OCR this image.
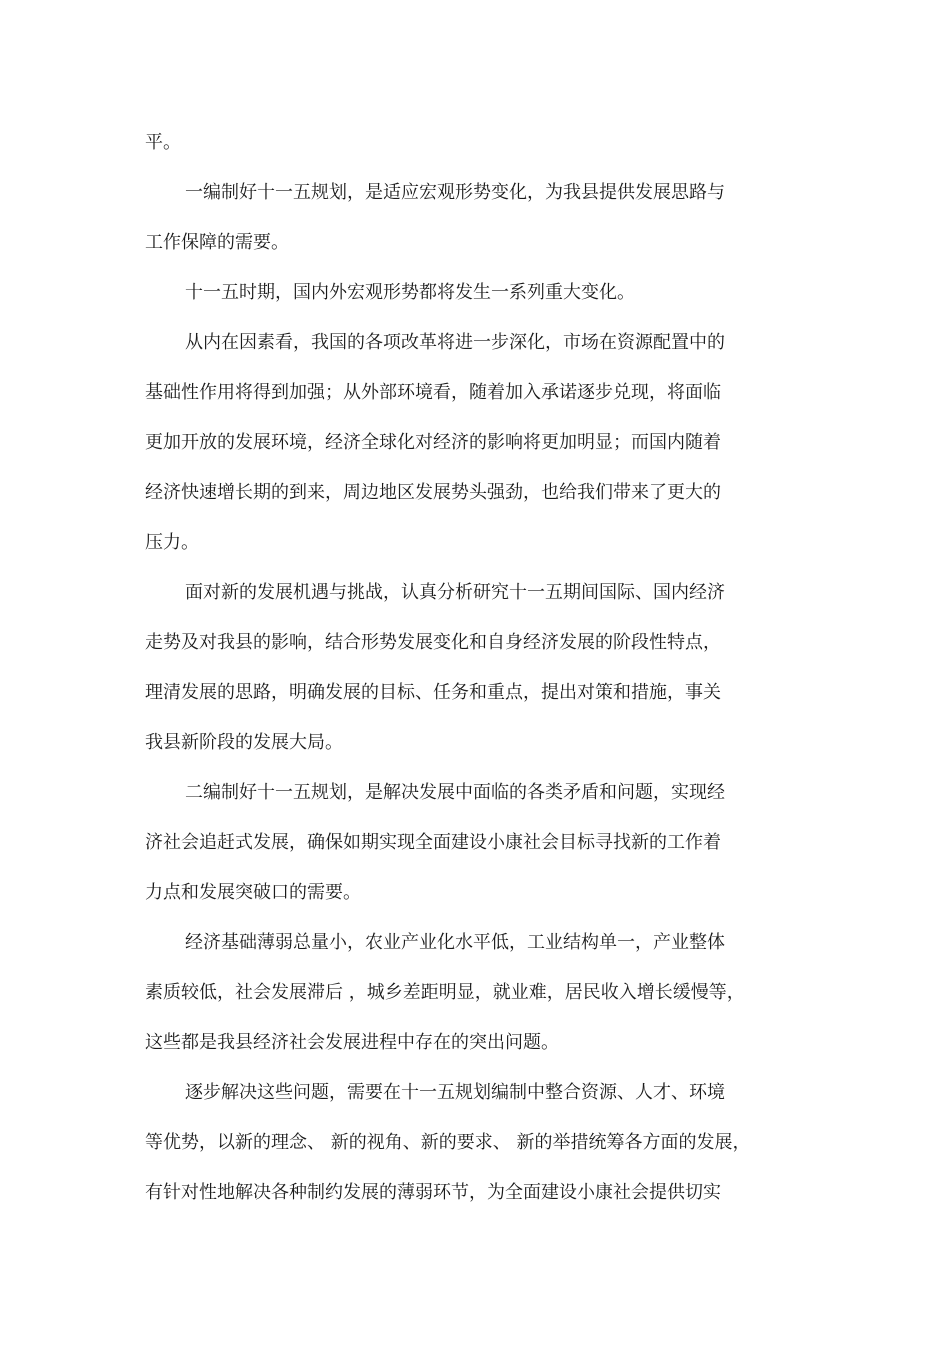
平。
一编制好十一五规划，是适应宏观形势变化，为我县提供发展思路与
工作保障的需要。
十一五时期，国内外宏观形势都将发生一系列重大变化。
从内在因素看，我国的各项改革将进一步深化，市场在资源配置中的
基础性作用将得到加强；从外部环境看，随着加入承诺逐步兑现，将面临
更加开放的发展环境，经济全球化对经济的影响将更加明显；而国内随着
经济快速增长期的到来，周边地区发展势头强劲，也给我们带来了更大的
压力。
面对新的发展机遇与挑战，认真分析研究十一五期间国际、国内经济
走势及对我县的影响，结合形势发展变化和自身经济发展的阶段性特点，
理清发展的思路，明确发展的目标、任务和重点，提出对策和措施，事关
我县新阶段的发展大局。
二编制好十一五规划，是解决发展中面临的各类矛盾和问题，实现经
济社会追赶式发展，确保如期实现全面建设小康社会目标寻找新的工作着
力点和发展突破口的需要。
经济基础薄弱总量小，农业产业化水平低，工业结构单一，产业整体
素质较低，社会发展滞后 ，城乡差距明显，就业难，居民收入增长缓慢等，
这些都是我县经济社会发展进程中存在的突出问题。
逐步解决这些问题，需要在十一五规划编制中整合资源、人才、环境
等优势，以新的理念、 新的视角、新的要求、 新的举措统筹各方面的发展，
有针对性地解决各种制约发展的薄弱环节，为全面建设小康社会提供切实
